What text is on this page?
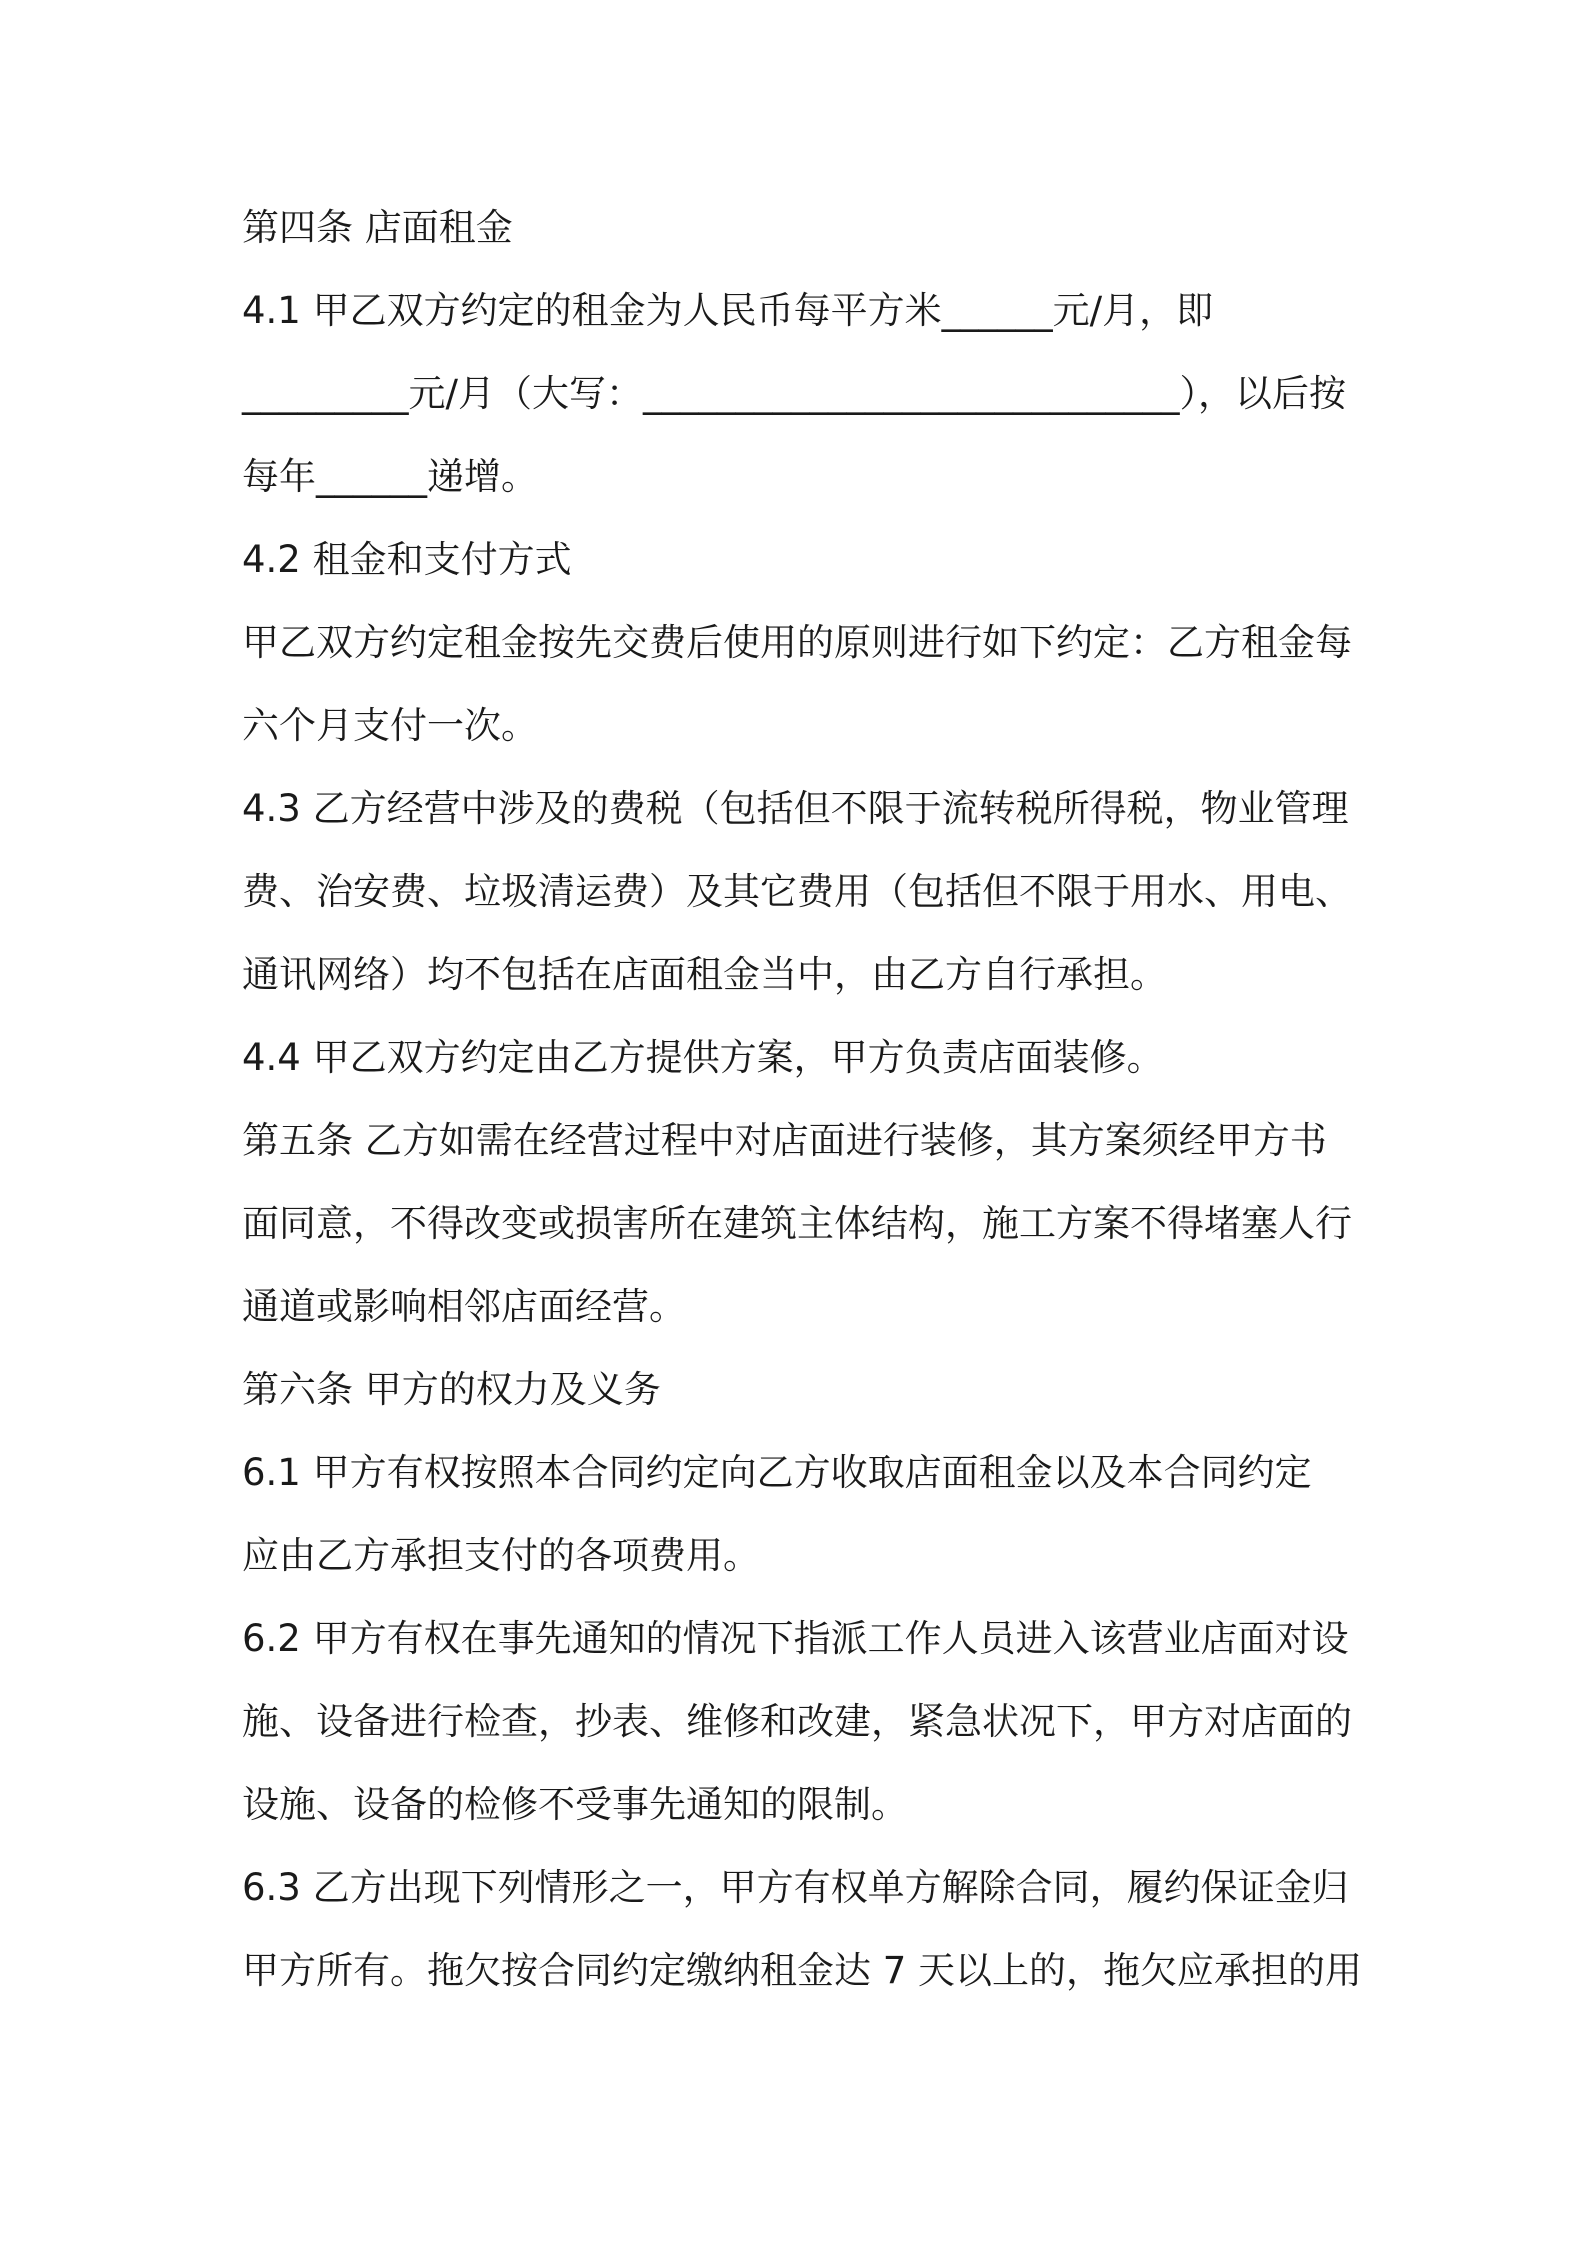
第四条 店面租金
4.1 甲乙双方约定的租金为人民币每平方米______元/月，即
_________元/月（大写：_____________________________），以后按
每年______递增。
4.2 租金和支付方式
甲乙双方约定租金按先交费后使用的原则进行如下约定：乙方租金每
六个月支付一次。
4.3 乙方经营中涉及的费税（包括但不限于流转税所得税，物业管理
费、治安费、垃圾清运费）及其它费用（包括但不限于用水、用电、
通讯网络）均不包括在店面租金当中，由乙方自行承担。
4.4 甲乙双方约定由乙方提供方案，甲方负责店面装修。
第五条 乙方如需在经营过程中对店面进行装修，其方案须经甲方书
面同意，不得改变或损害所在建筑主体结构，施工方案不得堵塞人行
通道或影响相邻店面经营。
第六条 甲方的权力及义务
6.1 甲方有权按照本合同约定向乙方收取店面租金以及本合同约定
应由乙方承担支付的各项费用。
6.2 甲方有权在事先通知的情况下指派工作人员进入该营业店面对设
施、设备进行检查，抄表、维修和改建，紧急状况下，甲方对店面的
设施、设备的检修不受事先通知的限制。
6.3 乙方出现下列情形之一，甲方有权单方解除合同，履约保证金归
甲方所有。拖欠按合同约定缴纳租金达 7 天以上的，拖欠应承担的用
